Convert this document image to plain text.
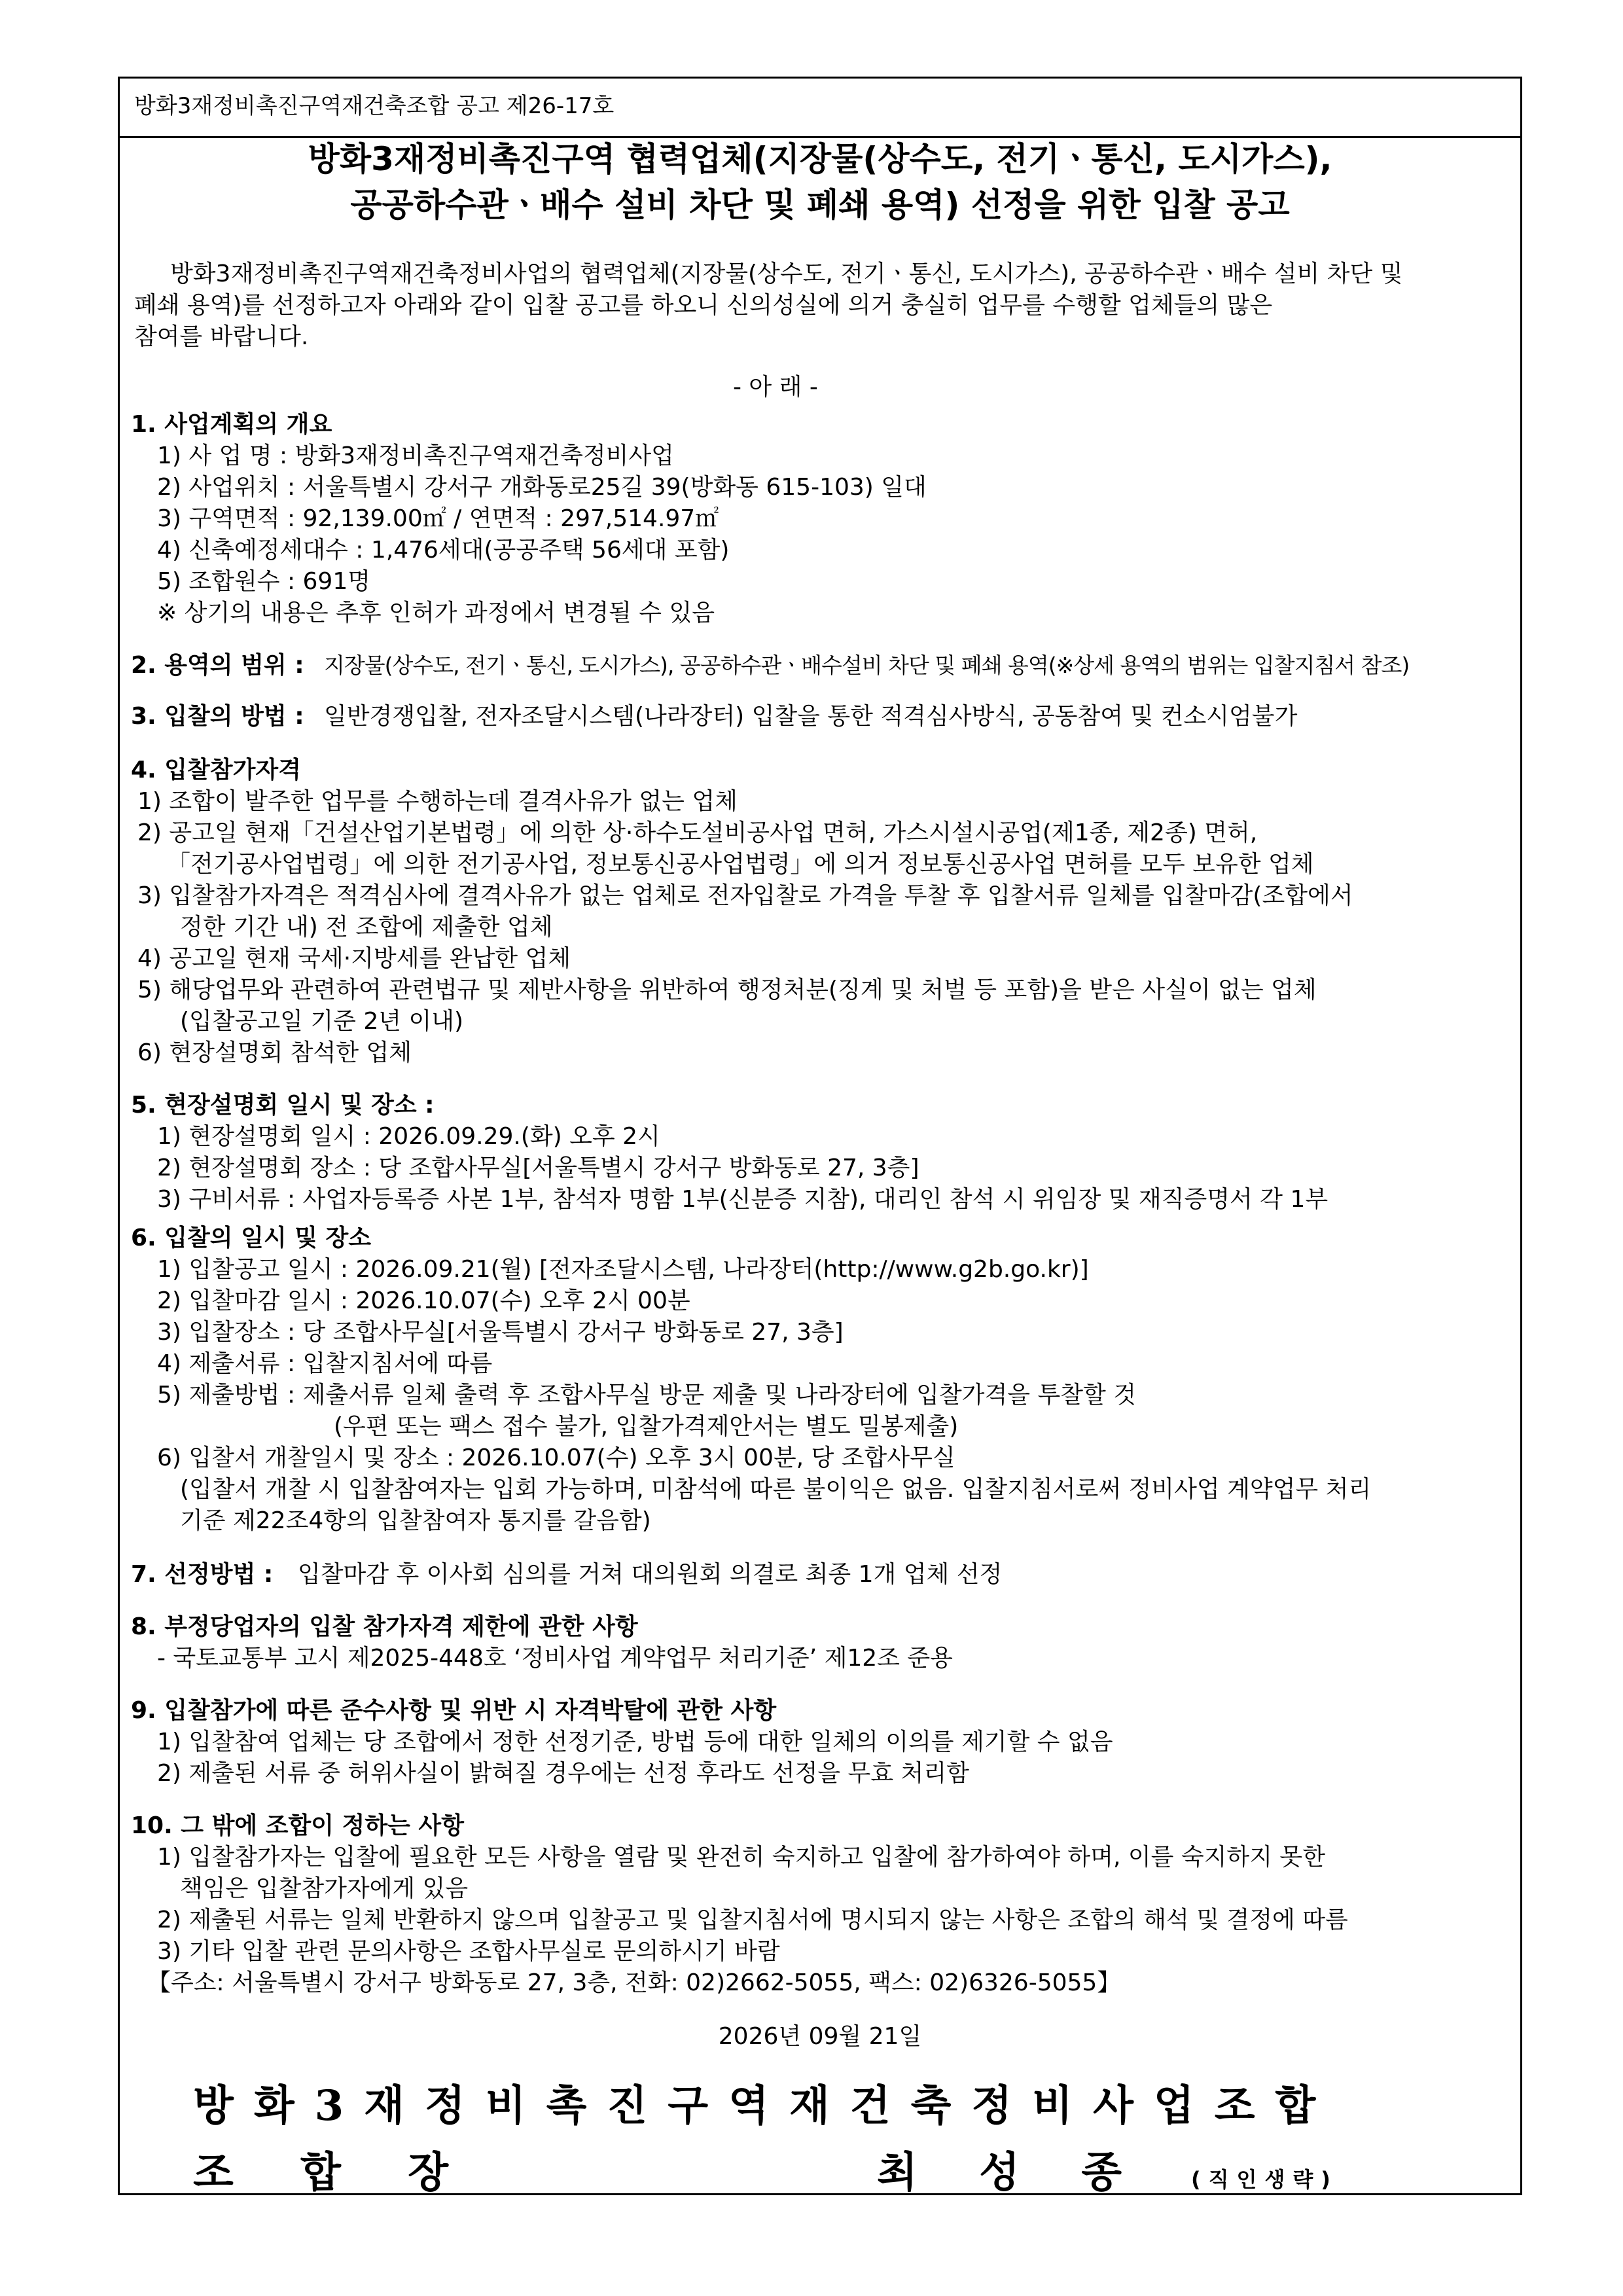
방화3재정비촉진구역재건축조합 공고 제26-17호
방화3재정비촉진구역 협력업체(지장물(상수도, 전기ㆍ통신, 도시가스),
공공하수관ㆍ배수 설비 차단 및 폐쇄 용역) 선정을 위한 입찰 공고
방화3재정비촉진구역재건축정비사업의 협력업체(지장물(상수도, 전기ㆍ통신, 도시가스), 공공하수관ㆍ배수 설비 차단 및
폐쇄 용역)를 선정하고자 아래와 같이 입찰 공고를 하오니 신의성실에 의거 충실히 업무를 수행할 업체들의 많은
참여를 바랍니다.
- 아 래 -
1. 사업계획의 개요
1) 사 업 명 : 방화3재정비촉진구역재건축정비사업
2) 사업위치 : 서울특별시 강서구 개화동로25길 39(방화동 615-103) 일대
3) 구역면적 : 92,139.00㎡ / 연면적 : 297,514.97㎡
4) 신축예정세대수 : 1,476세대(공공주택 56세대 포함)
5) 조합원수 : 691명
※ 상기의 내용은 추후 인허가 과정에서 변경될 수 있음
2. 용역의 범위 : 지장물(상수도, 전기ㆍ통신, 도시가스), 공공하수관ㆍ배수설비 차단 및 폐쇄 용역(※상세 용역의 범위는 입찰지침서 참조)
3. 입찰의 방법 : 일반경쟁입찰, 전자조달시스템(나라장터) 입찰을 통한 적격심사방식, 공동참여 및 컨소시엄불가
4. 입찰참가자격
1) 조합이 발주한 업무를 수행하는데 결격사유가 없는 업체
2) 공고일 현재「건설산업기본법령」에 의한 상·하수도설비공사업 면허, 가스시설시공업(제1종, 제2종) 면허,
「전기공사업법령」에 의한 전기공사업, 정보통신공사업법령」에 의거 정보통신공사업 면허를 모두 보유한 업체
3) 입찰참가자격은 적격심사에 결격사유가 없는 업체로 전자입찰로 가격을 투찰 후 입찰서류 일체를 입찰마감(조합에서
정한 기간 내) 전 조합에 제출한 업체
4) 공고일 현재 국세·지방세를 완납한 업체
5) 해당업무와 관련하여 관련법규 및 제반사항을 위반하여 행정처분(징계 및 처벌 등 포함)을 받은 사실이 없는 업체
(입찰공고일 기준 2년 이내)
6) 현장설명회 참석한 업체
5. 현장설명회 일시 및 장소 :
1) 현장설명회 일시 : 2026.09.29.(화) 오후 2시
2) 현장설명회 장소 : 당 조합사무실[서울특별시 강서구 방화동로 27, 3층]
3) 구비서류 : 사업자등록증 사본 1부, 참석자 명함 1부(신분증 지참), 대리인 참석 시 위임장 및 재직증명서 각 1부
6. 입찰의 일시 및 장소
1) 입찰공고 일시 : 2026.09.21(월) [전자조달시스템, 나라장터(http://www.g2b.go.kr)]
2) 입찰마감 일시 : 2026.10.07(수) 오후 2시 00분
3) 입찰장소 : 당 조합사무실[서울특별시 강서구 방화동로 27, 3층]
4) 제출서류 : 입찰지침서에 따름
5) 제출방법 : 제출서류 일체 출력 후 조합사무실 방문 제출 및 나라장터에 입찰가격을 투찰할 것
(우편 또는 팩스 접수 불가, 입찰가격제안서는 별도 밀봉제출)
6) 입찰서 개찰일시 및 장소 : 2026.10.07(수) 오후 3시 00분, 당 조합사무실
(입찰서 개찰 시 입찰참여자는 입회 가능하며, 미참석에 따른 불이익은 없음. 입찰지침서로써 정비사업 계약업무 처리
기준 제22조4항의 입찰참여자 통지를 갈음함)
7. 선정방법 : 입찰마감 후 이사회 심의를 거쳐 대의원회 의결로 최종 1개 업체 선정
8. 부정당업자의 입찰 참가자격 제한에 관한 사항
- 국토교통부 고시 제2025-448호 ‘정비사업 계약업무 처리기준’ 제12조 준용
9. 입찰참가에 따른 준수사항 및 위반 시 자격박탈에 관한 사항
1) 입찰참여 업체는 당 조합에서 정한 선정기준, 방법 등에 대한 일체의 이의를 제기할 수 없음
2) 제출된 서류 중 허위사실이 밝혀질 경우에는 선정 후라도 선정을 무효 처리함
10. 그 밖에 조합이 정하는 사항
1) 입찰참가자는 입찰에 필요한 모든 사항을 열람 및 완전히 숙지하고 입찰에 참가하여야 하며, 이를 숙지하지 못한
책임은 입찰참가자에게 있음
2) 제출된 서류는 일체 반환하지 않으며 입찰공고 및 입찰지침서에 명시되지 않는 사항은 조합의 해석 및 결정에 따름
3) 기타 입찰 관련 문의사항은 조합사무실로 문의하시기 바람
【주소: 서울특별시 강서구 방화동로 27, 3층, 전화: 02)2662-5055, 팩스: 02)6326-5055】
2026년 09월 21일
방화3재정비촉진구역재건축정비사업조합
조 합 장	최 성 종 (직인생략)
